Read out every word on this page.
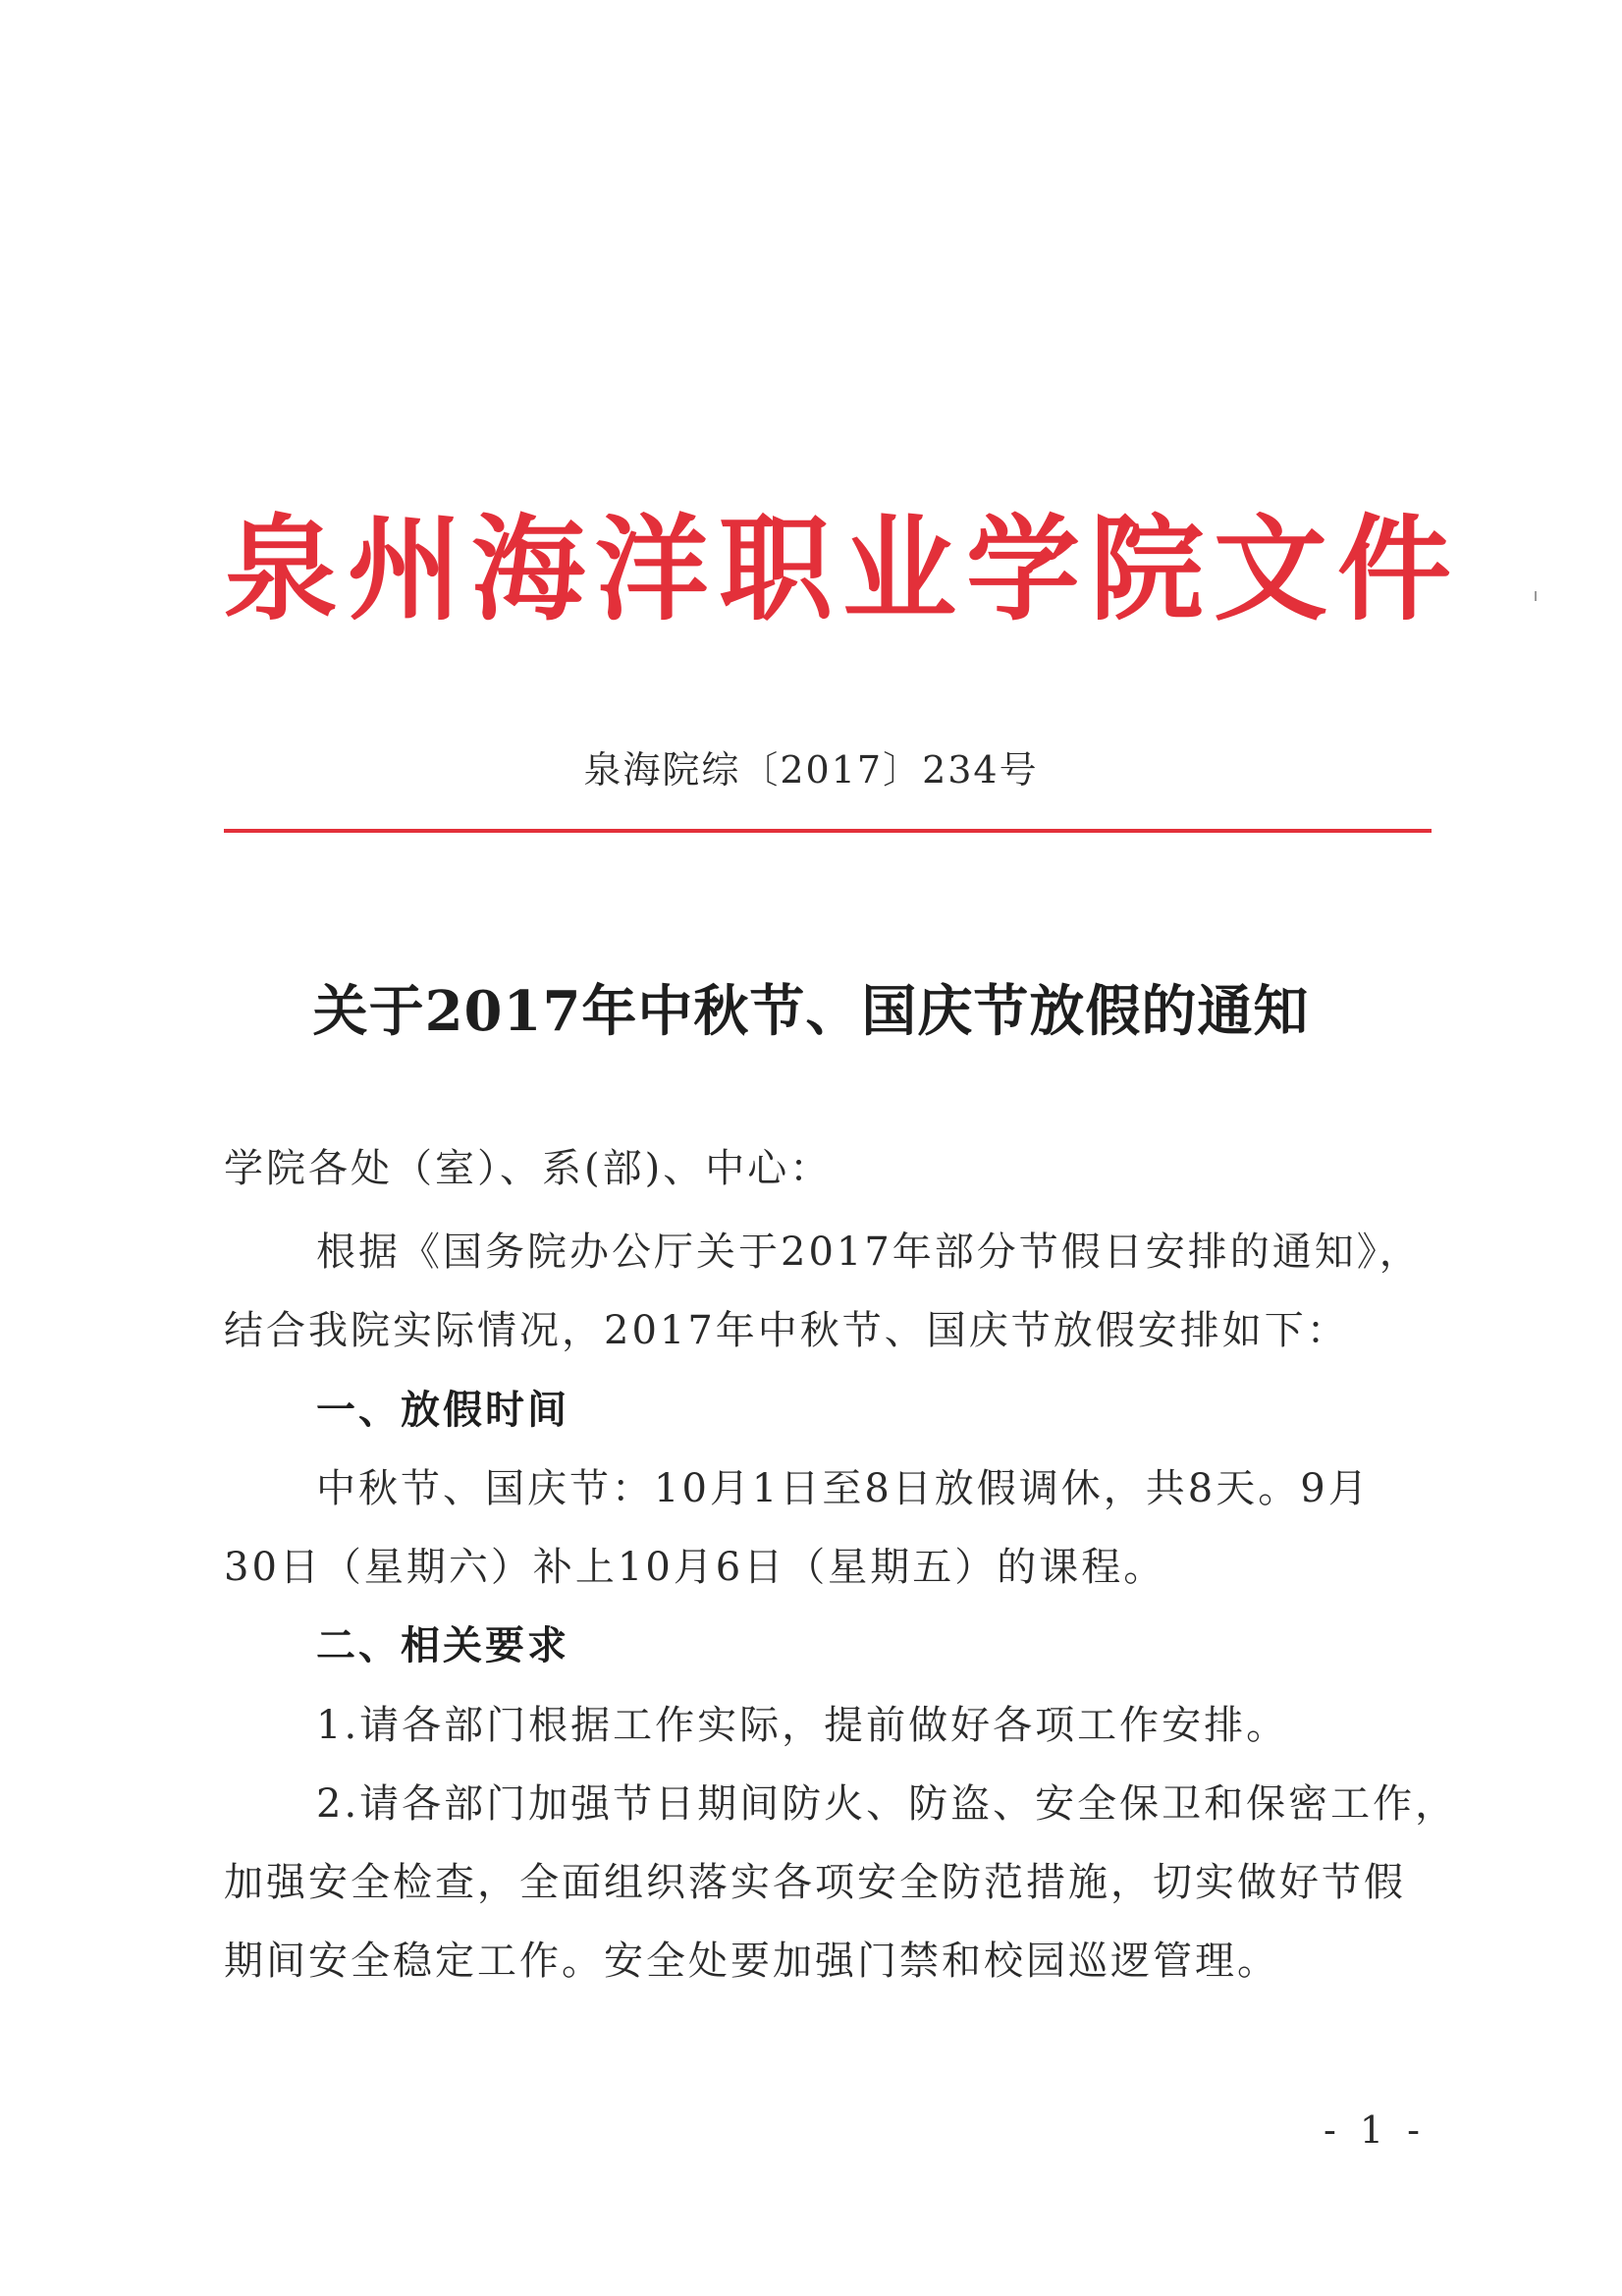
泉州海洋职业学院文件
泉海院综〔2017〕234号
关于2017年中秋节、国庆节放假的通知
学院各处（室）、系(部)、中心：
根据《国务院办公厅关于2017年部分节假日安排的通知》，
结合我院实际情况，2017年中秋节、国庆节放假安排如下：
一、放假时间
中秋节、国庆节：10月1日至8日放假调休，共8天。9月
30日（星期六）补上10月6日（星期五）的课程。
二、相关要求
1.请各部门根据工作实际，提前做好各项工作安排。
2.请各部门加强节日期间防火、防盗、安全保卫和保密工作，
加强安全检查，全面组织落实各项安全防范措施，切实做好节假
期间安全稳定工作。安全处要加强门禁和校园巡逻管理。
- 1 -
